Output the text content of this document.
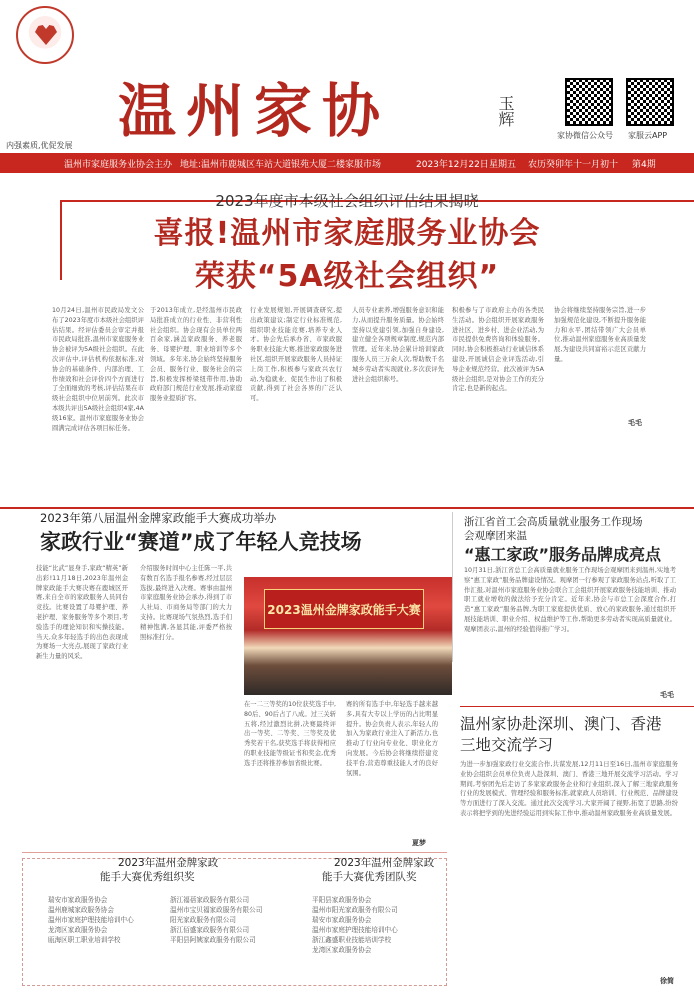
内强素质,优促发展
温州家协	玉辉
家协微信公众号 家服云APP
温州市家庭服务业协会主办 地址:温州市鹿城区车站大道银苑大厦二楼家服市场	2023年12月22日 星期五 农历癸卯年十一月初十 第4期
2023年度市本级社会组织评估结果揭晓
喜报!温州市家庭服务业协会
荣获“5A级社会组织”
10月24日,温州市民政局发文公布了2023年度市本级社会组织评估结果。经评估委员会审定并报市民政局批准,温州市家庭服务业协会被评为5A级社会组织。在此次评估中,评估机构依据标准,对协会的基础条件、内部治理、工作绩效和社会评价四个方面进行了全面细致的考核,评估结果在市级社会组织中位居前列。此次市本级共评出5A级社会组织4家,4A级16家。温州市家庭服务业协会圆满完成评估各项目标任务。
于2013年成立,是经温州市民政局批准成立的行业性、非营利性社会组织。协会现有会员单位两百余家,涵盖家政服务、养老服务、母婴护理、职业培训等多个领域。多年来,协会始终坚持服务会员、服务行业、服务社会的宗旨,积极发挥桥梁纽带作用,协助政府部门规范行业发展,推动家庭服务业提质扩容。
行业发展规划,开展调查研究,提出政策建议;制定行业标准规范,组织职业技能竞赛,培养专业人才。协会先后承办省、市家政服务职业技能大赛,推进家政服务进社区,组织开展家政服务人员持证上岗工作,积极参与家政兴农行动,为稳就业、促民生作出了积极贡献,得到了社会各界的广泛认可。
人员专业素养,增强服务意识和能力,从而提升服务质量。协会始终坚持以党建引领,加强自身建设,建立健全各项规章制度,规范内部管理。近年来,协会累计培训家政服务人员三万余人次,帮助数千名城乡劳动者实现就业,多次获评先进社会组织称号。
积极参与了市政府主办的各类民生活动。协会组织开展家政服务进社区、进乡村、进企业活动,为市民提供免费咨询和体验服务。同时,协会积极推动行业诚信体系建设,开展诚信企业评选活动,引导企业规范经营。此次被评为5A级社会组织,是对协会工作的充分肯定,也是新的起点。
协会将继续坚持服务宗旨,进一步加强规范化建设,不断提升服务能力和水平,团结带领广大会员单位,推动温州家庭服务业高质量发展,为建设共同富裕示范区贡献力量。
毛毛
2023年第八届温州金牌家政能手大赛成功举办
家政行业“赛道”成了年轻人竞技场
技能“比武”显身手,家政“精英”新出彩!11月18日,2023年温州金牌家政能手大赛决赛在鹿城区开赛,来自全市的家政服务人员同台竞技。比赛设置了母婴护理、养老护理、家务服务等多个项目,考验选手的理论知识和实操技能。当天,众多年轻选手的出色表现成为赛场一大亮点,展现了家政行业新生力量的风采。
介绍服务时间中心主任陈一平,共有数百名选手报名参赛,经过层层选拔,最终进入决赛。赛事由温州市家庭服务业协会承办,得到了市人社局、市商务局等部门的大力支持。比赛现场气氛热烈,选手们精神饱满,各显其能,评委严格按照标准打分。
2023温州金牌家政能手大赛
在一二三等奖的10位获奖选手中,80后、90后占了八成。过三关斩五将,经过激烈比拼,决赛最终评出一等奖、二等奖、三等奖及优秀奖若干名,获奖选手将获得相应的职业技能等级证书和奖金,优秀选手还将推荐参加省级比赛。
赛的所有选手中,年轻选手越来越多,具有大专以上学历的占比明显提升。协会负责人表示,年轻人的加入为家政行业注入了新活力,也推动了行业向专业化、职业化方向发展。今后协会将继续搭建竞技平台,营造尊重技能人才的良好氛围。
夏梦
浙江省首工会高质量就业服务工作现场
会观摩团来温
“惠工家政”服务品牌成亮点
10月31日,浙江省总工会高质量就业服务工作现场会观摩团来到温州,实地考察“惠工家政”服务品牌建设情况。观摩团一行参观了家政服务站点,听取了工作汇报,对温州市家庭服务业协会联合工会组织开展家政服务技能培训、推动职工就业增收的做法给予充分肯定。近年来,协会与市总工会深度合作,打造“惠工家政”服务品牌,为职工家庭提供优质、放心的家政服务,通过组织开展技能培训、职业介绍、权益维护等工作,帮助更多劳动者实现高质量就业。观摩团表示,温州的经验值得推广学习。
毛毛
温州家协赴深圳、澳门、香港
三地交流学习
为进一步加强家政行业交流合作,共谋发展,12月11日至16日,温州市家庭服务业协会组织会员单位负责人赴深圳、澳门、香港三地开展交流学习活动。学习期间,考察团先后走访了多家家政服务企业和行业组织,深入了解三地家政服务行业的发展模式、管理经验和服务标准,就家政人员培训、行业规范、品牌建设等方面进行了深入交流。通过此次交流学习,大家开阔了视野,拓宽了思路,纷纷表示将把学到的先进经验运用到实际工作中,推动温州家政服务业高质量发展。
徐简
2023年温州金牌家政
能手大赛优秀组织奖
瑞安市家政服务协会
温州鹿城家政服务协会
温州市家庭护理技能培训中心
龙湾区家政服务协会
瓯海区职工职业培训学校
浙江福蓓家政服务有限公司
温州市宝贝福家政服务有限公司
阳光家政服务有限公司
浙江佰盛家政服务有限公司
平阳县阿姨家政服务有限公司
2023年温州金牌家政
能手大赛优秀团队奖
平阳县家政服务协会
温州市阳光家政服务有限公司
瑞安市家政服务协会
温州市家庭护理技能培训中心
浙江鑫盛职业技能培训学校
龙湾区家政服务协会
